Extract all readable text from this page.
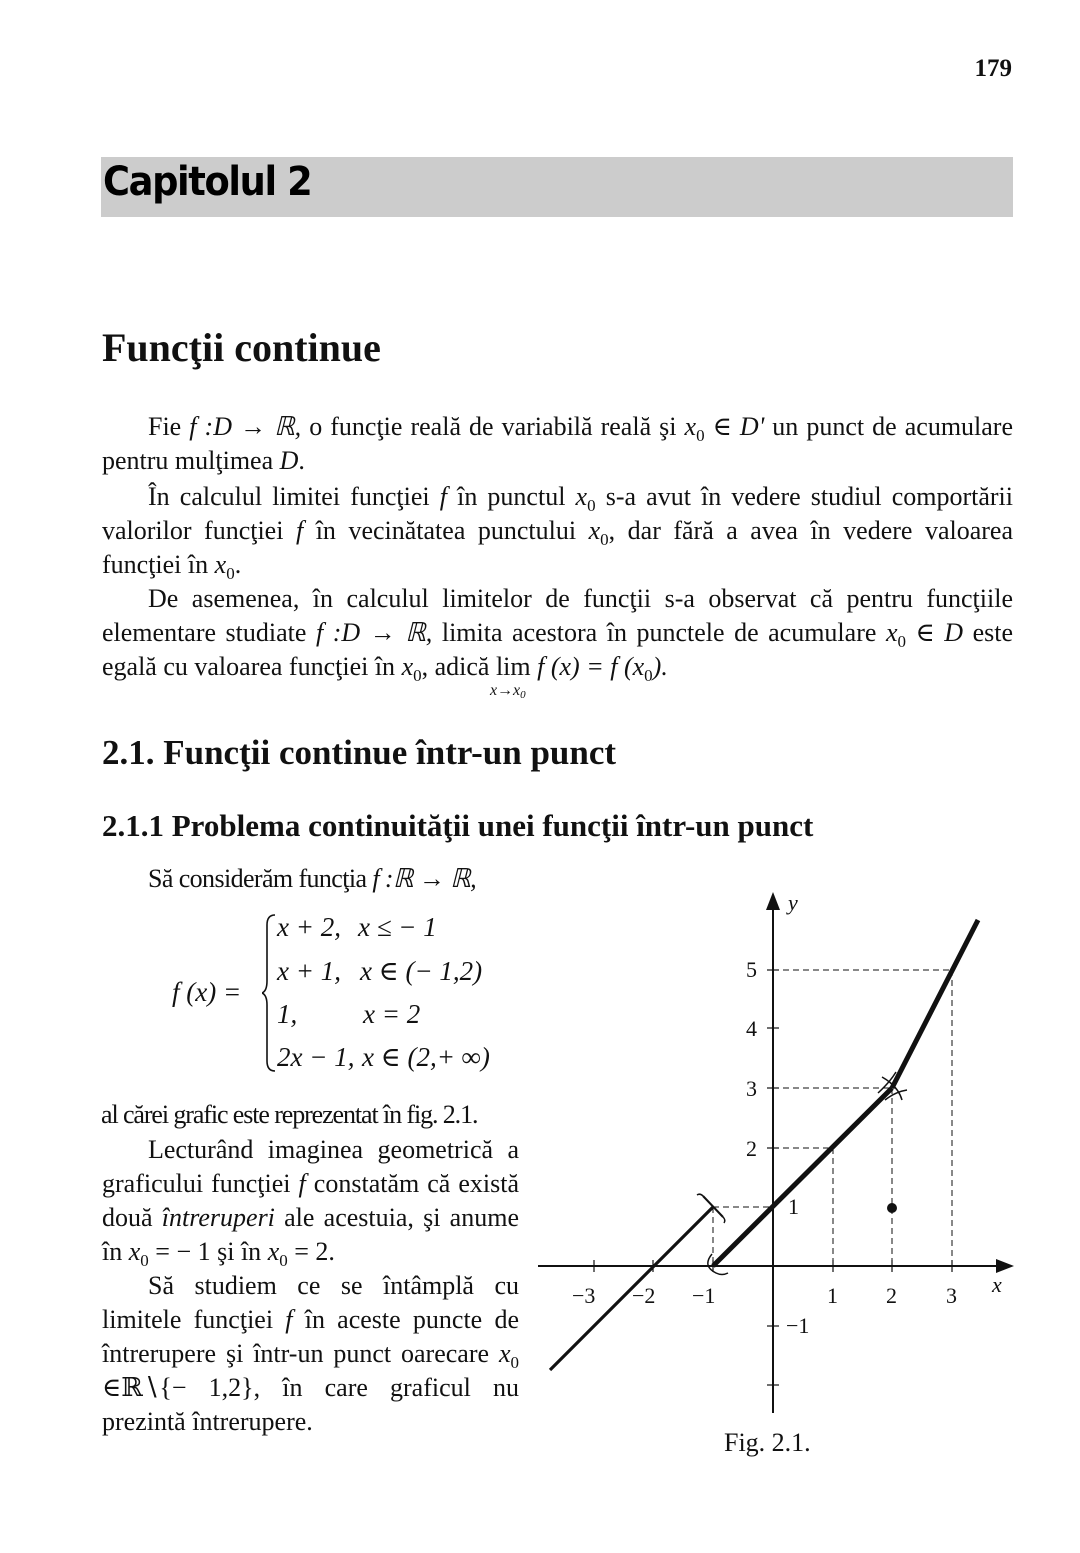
179
Capitolul 2
Funcţii continue
Fie f :D → ℝ, o funcţie reală de variabilă reală şi $x_0$ ∈ D' un punct de acumulare pentru mulţimea D.
În calculul limitei funcţiei f în punctul $x_0$ s-a avut în vedere studiul comportării valorilor funcţiei f în vecinătatea punctului $x_0$, dar fără a avea în vedere valoarea funcţiei în $x_0$.
De asemenea, în calculul limitelor de funcţii s-a observat că pentru funcţiile elementare studiate f :D → ℝ, limita acestora în punctele de acumulare $x_0$ ∈ D este egală cu valoarea funcţiei în $x_0$, adică lim
$x\to x_0$
f (x) = f $(x_0)$.
2.1. Funcţii continue într-un punct
2.1.1 Problema continuităţii unei funcţii într-un punct
Să considerăm funcţia f :ℝ → ℝ,
f (x) =
x + 2, x ≤ − 1
x + 1, x ∈ (− 1,2)
1, x = 2
2x − 1, x ∈ (2,+ ∞)
al cărei grafic este reprezentat în fig. 2.1.
Lecturând imaginea geometrică a graficului funcţiei f constatăm că există două întreruperi ale acestuia, şi anume în $x_0$ = − 1 şi în $x_0 = 2$.
Să studiem ce se întâmplă cu limitele funcţiei f în aceste puncte de întrerupere şi într-un punct oarecare $x_0$ ∈ℝ∖{− 1,2}, în care graficul nu prezintă întrerupere.
−3 −2 −1	1 2 3
5
4
3
2
1
−1
x
y
Fig. 2.1.
